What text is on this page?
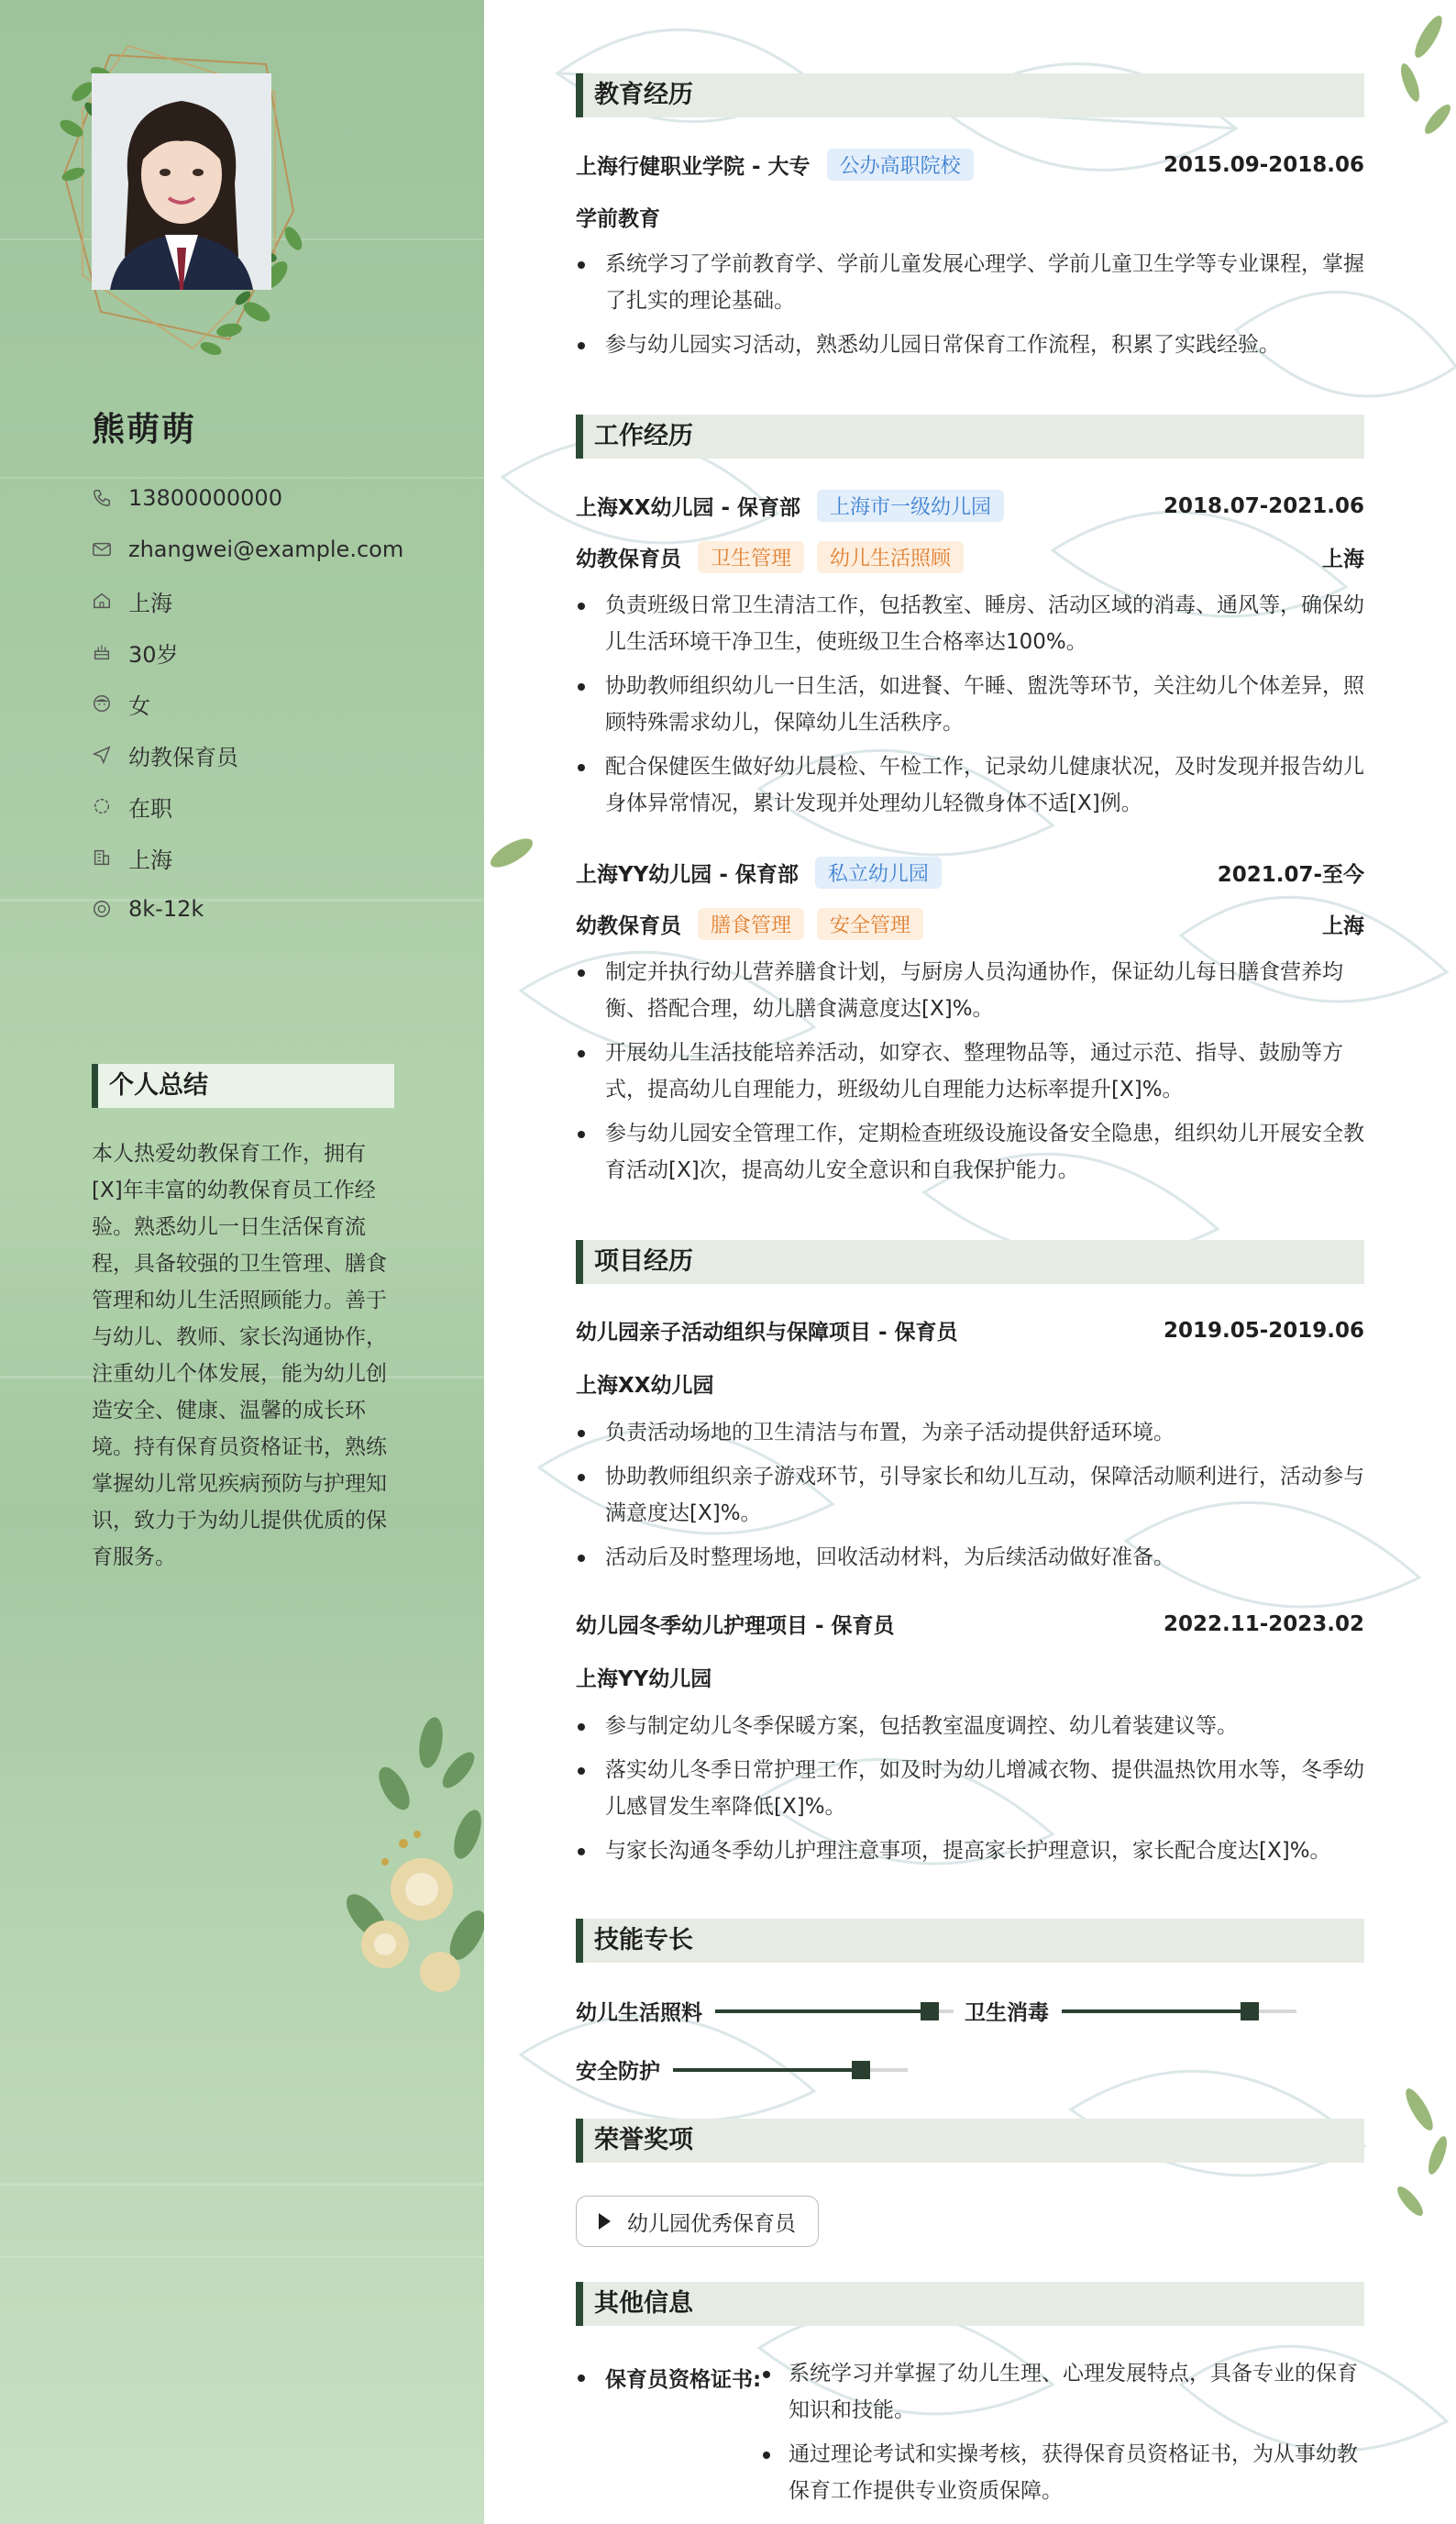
熊萌萌
13800000000
zhangwei@example.com
上海
30岁
女
幼教保育员
在职
上海
8k-12k
个人总结
本人热爱幼教保育工作，拥有[X]年丰富的幼教保育员工作经验。熟悉幼儿一日生活保育流程，具备较强的卫生管理、膳食管理和幼儿生活照顾能力。善于与幼儿、教师、家长沟通协作，注重幼儿个体发展，能为幼儿创造安全、健康、温馨的成长环境。持有保育员资格证书，熟练掌握幼儿常见疾病预防与护理知识，致力于为幼儿提供优质的保育服务。
教育经历
上海行健职业学院 - 大专	公办高职院校	2015.09-2018.06
学前教育
系统学习了学前教育学、学前儿童发展心理学、学前儿童卫生学等专业课程，掌握了扎实的理论基础。
参与幼儿园实习活动，熟悉幼儿园日常保育工作流程，积累了实践经验。
工作经历
上海XX幼儿园 - 保育部	上海市一级幼儿园	2018.07-2021.06
幼教保育员	卫生管理	幼儿生活照顾	上海
负责班级日常卫生清洁工作，包括教室、睡房、活动区域的消毒、通风等，确保幼儿生活环境干净卫生，使班级卫生合格率达100%。
协助教师组织幼儿一日生活，如进餐、午睡、盥洗等环节，关注幼儿个体差异，照顾特殊需求幼儿，保障幼儿生活秩序。
配合保健医生做好幼儿晨检、午检工作，记录幼儿健康状况，及时发现并报告幼儿身体异常情况，累计发现并处理幼儿轻微身体不适[X]例。
上海YY幼儿园 - 保育部	私立幼儿园	2021.07-至今
幼教保育员	膳食管理	安全管理	上海
制定并执行幼儿营养膳食计划，与厨房人员沟通协作，保证幼儿每日膳食营养均衡、搭配合理，幼儿膳食满意度达[X]%。
开展幼儿生活技能培养活动，如穿衣、整理物品等，通过示范、指导、鼓励等方式，提高幼儿自理能力，班级幼儿自理能力达标率提升[X]%。
参与幼儿园安全管理工作，定期检查班级设施设备安全隐患，组织幼儿开展安全教育活动[X]次，提高幼儿安全意识和自我保护能力。
项目经历
幼儿园亲子活动组织与保障项目 - 保育员	2019.05-2019.06
上海XX幼儿园
负责活动场地的卫生清洁与布置，为亲子活动提供舒适环境。
协助教师组织亲子游戏环节，引导家长和幼儿互动，保障活动顺利进行，活动参与满意度达[X]%。
活动后及时整理场地，回收活动材料，为后续活动做好准备。
幼儿园冬季幼儿护理项目 - 保育员	2022.11-2023.02
上海YY幼儿园
参与制定幼儿冬季保暖方案，包括教室温度调控、幼儿着装建议等。
落实幼儿冬季日常护理工作，如及时为幼儿增减衣物、提供温热饮用水等，冬季幼儿感冒发生率降低[X]%。
与家长沟通冬季幼儿护理注意事项，提高家长护理意识，家长配合度达[X]%。
技能专长
幼儿生活照料	卫生消毒
安全防护
荣誉奖项
幼儿园优秀保育员
其他信息
保育员资格证书:	系统学习并掌握了幼儿生理、心理发展特点，具备专业的保育知识和技能。
通过理论考试和实操考核，获得保育员资格证书，为从事幼教保育工作提供专业资质保障。
